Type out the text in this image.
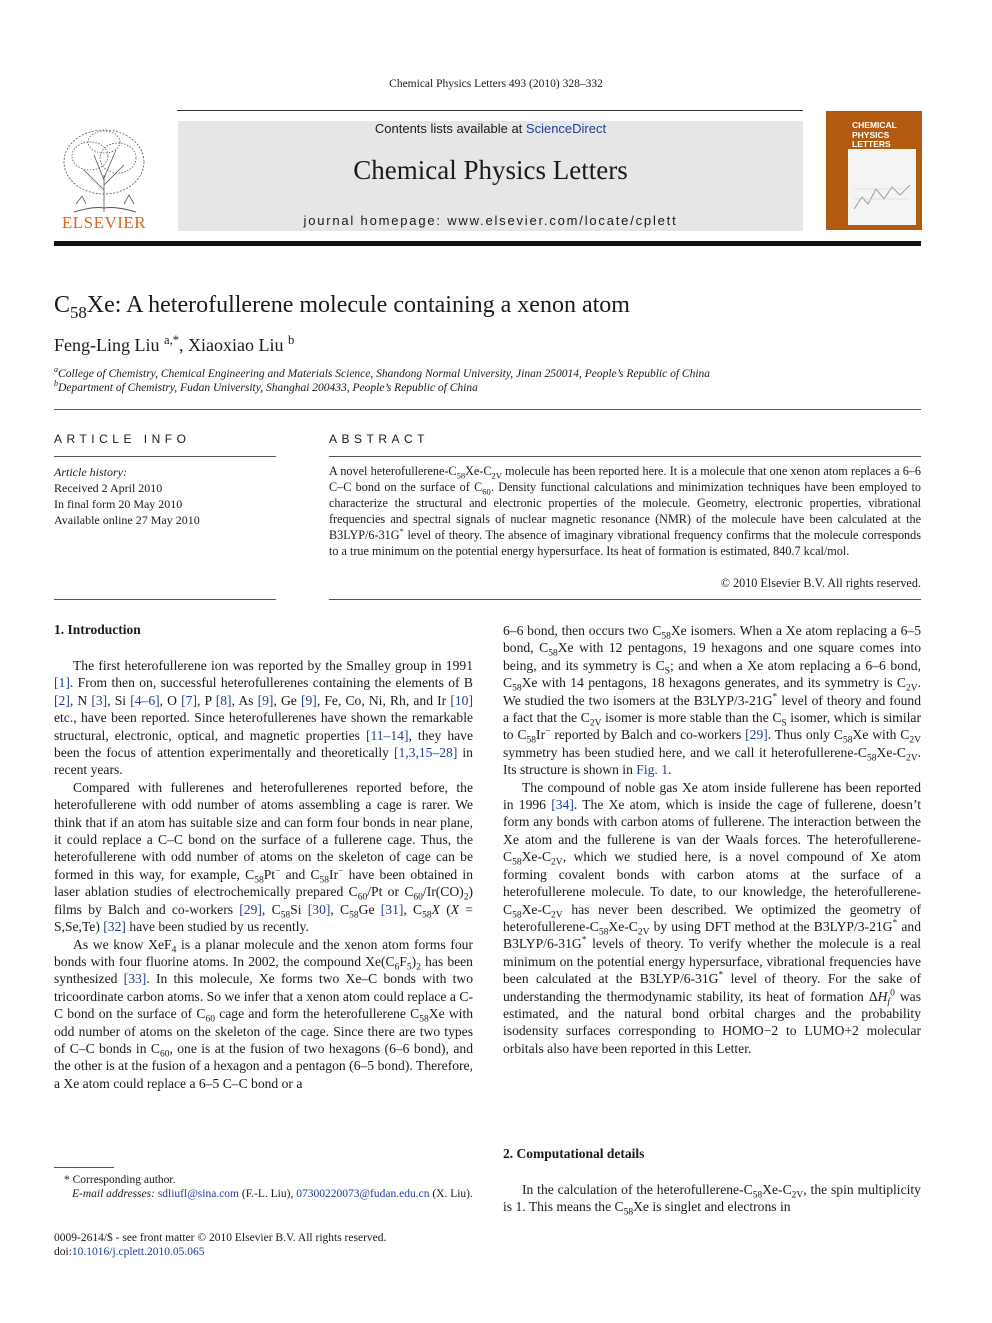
Chemical Physics Letters 493 (2010) 328–332
ELSEVIER
Contents lists available at ScienceDirect
Chemical Physics Letters
journal homepage: www.elsevier.com/locate/cplett
CHEMICAL
PHYSICS
LETTERS
$C_{58}Xe$: A heterofullerene molecule containing a xenon atom
Feng-Ling Liu $^{a,*}$, Xiaoxiao Liu $^b$
$^a$College of Chemistry, Chemical Engineering and Materials Science, Shandong Normal University, Jinan 250014, People’s Republic of China
$^b$Department of Chemistry, Fudan University, Shanghai 200433, People’s Republic of China
ARTICLE INFO
Article history:
Received 2 April 2010
In final form 20 May 2010
Available online 27 May 2010
ABSTRACT
A novel heterofullerene-$C_{58}Xe-C_{2V}$ molecule has been reported here. It is a molecule that one xenon atom replaces a 6–6 C–C bond on the surface of $C_{60}$. Density functional calculations and minimization techniques have been employed to characterize the structural and electronic properties of the molecule. Geometry, electronic properties, vibrational frequencies and spectral signals of nuclear magnetic resonance (NMR) of the molecule have been calculated at the B3LYP/6-31G* level of theory. The absence of imaginary vibrational frequency confirms that the molecule corresponds to a true minimum on the potential energy hypersurface. Its heat of formation is estimated, 840.7 kcal/mol.
© 2010 Elsevier B.V. All rights reserved.
1. Introduction

The first heterofullerene ion was reported by the Smalley group in 1991 [1]. From then on, successful heterofullerenes containing the elements of B [2], N [3], Si [4–6], O [7], P [8], As [9], Ge [9], Fe, Co, Ni, Rh, and Ir [10] etc., have been reported. Since heterofullerenes have shown the remarkable structural, electronic, optical, and magnetic properties [11–14], they have been the focus of attention experimentally and theoretically [1,3,15–28] in recent years.

Compared with fullerenes and heterofullerenes reported before, the heterofullerene with odd number of atoms assembling a cage is rarer. We think that if an atom has suitable size and can form four bonds in near plane, it could replace a C–C bond on the surface of a fullerene cage. Thus, the heterofullerene with odd number of atoms on the skeleton of cage can be formed in this way, for example, $C_{58}Pt^-$ and $C_{58}Ir^-$ have been obtained in laser ablation studies of electrochemically prepared $C_{60}/Pt$ or $C_{60}/Ir(CO)_2$) films by Balch and co-workers [29], $C_{58}Si$ [30], $C_{58}Ge$ [31], $C_{58}X$ (X = S,Se,Te) [32] have been studied by us recently.

As we know XeF$_4$ is a planar molecule and the xenon atom forms four bonds with four fluorine atoms. In 2002, the compound $Xe(C_6F_5)_2$ has been synthesized [33]. In this molecule, Xe forms two Xe–C bonds with two tricoordinate carbon atoms. So we infer that a xenon atom could replace a C-C bond on the surface of $C_{60}$ cage and form the heterofullerene $C_{58}Xe$ with odd number of atoms on the skeleton of the cage. Since there are two types of C–C bonds in $C_{60}$, one is at the fusion of two hexagons (6–6 bond), and the other is at the fusion of a hexagon and a pentagon (6–5 bond). Therefore, a Xe atom could replace a 6–5 C–C bond or a

* Corresponding author.
E-mail addresses: sdliufl@sina.com (F.-L. Liu), 07300220073@fudan.edu.cn (X. Liu).
0009-2614/$ - see front matter © 2010 Elsevier B.V. All rights reserved.
doi:10.1016/j.cplett.2010.05.065

6–6 bond, then occurs two $C_{58}Xe$ isomers. When a Xe atom replacing a 6–5 bond, $C_{58}Xe$ with 12 pentagons, 19 hexagons and one square comes into being, and its symmetry is $C_S$; and when a Xe atom replacing a 6–6 bond, $C_{58}Xe$ with 14 pentagons, 18 hexagons generates, and its symmetry is $C_{2V}$. We studied the two isomers at the B3LYP/3-21G* level of theory and found a fact that the $C_{2V}$ isomer is more stable than the $C_S$ isomer, which is similar to $C_{58}Ir^-$ reported by Balch and co-workers [29]. Thus only $C_{58}Xe$ with $C_{2V}$ symmetry has been studied here, and we call it heterofullerene-$C_{58}Xe-C_{2V}$. Its structure is shown in Fig. 1.

The compound of noble gas Xe atom inside fullerene has been reported in 1996 [34]. The Xe atom, which is inside the cage of fullerene, doesn’t form any bonds with carbon atoms of fullerene. The interaction between the Xe atom and the fullerene is van der Waals forces. The heterofullerene-$C_{58}Xe-C_{2V}$, which we studied here, is a novel compound of Xe atom forming covalent bonds with carbon atoms at the surface of a heterofullerene molecule. To date, to our knowledge, the heterofullerene-$C_{58}Xe-C_{2V}$ has never been described. We optimized the geometry of heterofullerene-$C_{58}Xe-C_{2V}$ by using DFT method at the B3LYP/3-21G* and B3LYP/6-31G* levels of theory. To verify whether the molecule is a real minimum on the potential energy hypersurface, vibrational frequencies have been calculated at the B3LYP/6-31G* level of theory. For the sake of understanding the thermodynamic stability, its heat of formation $\Delta H_f^0$ was estimated, and the natural bond orbital charges and the probability isodensity surfaces corresponding to HOMO−2 to LUMO+2 molecular orbitals also have been reported in this Letter.

2. Computational details

In the calculation of the heterofullerene-$C_{58}Xe-C_{2V}$, the spin multiplicity is 1. This means the $C_{58}Xe$ is singlet and electrons in
